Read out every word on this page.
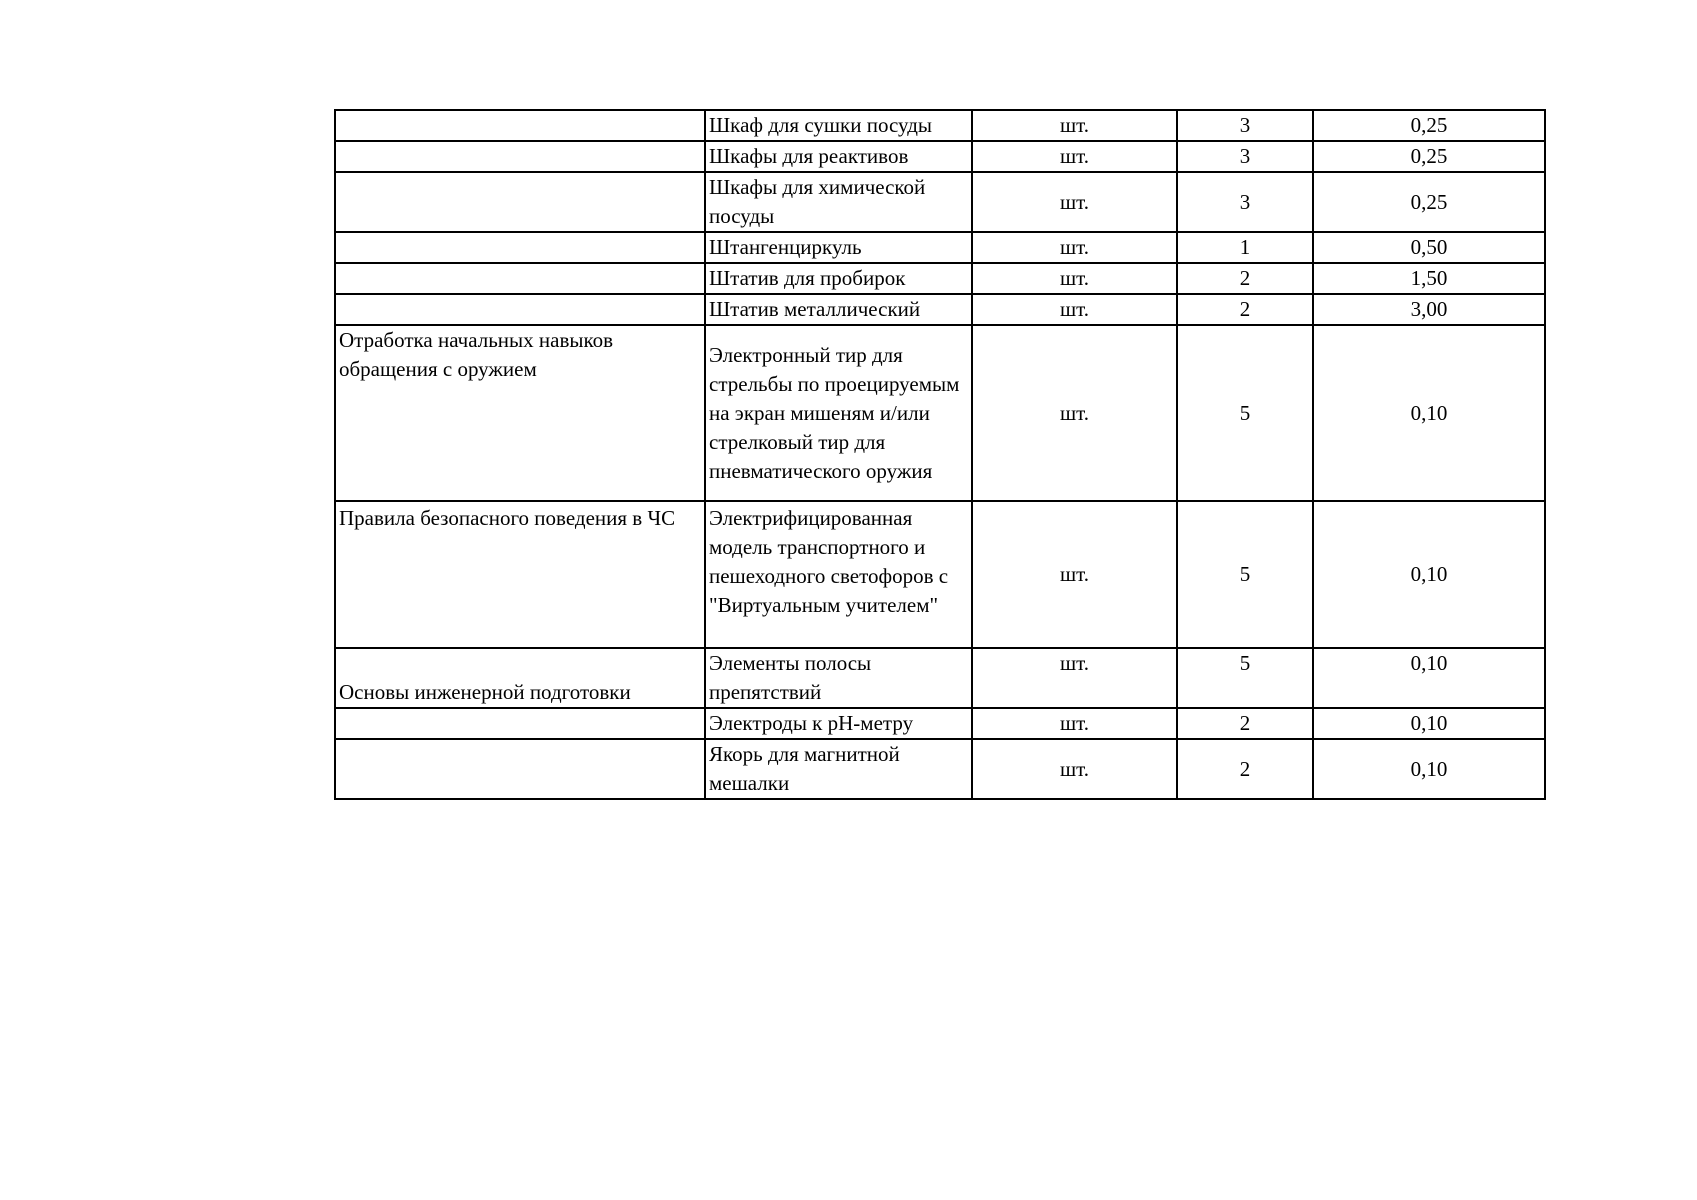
	Шкаф для сушки посуды	шт.	3	0,25
	Шкафы для реактивов	шт.	3	0,25
	Шкафы для химической посуды	шт.	3	0,25
	Штангенциркуль	шт.	1	0,50
	Штатив для пробирок	шт.	2	1,50
	Штатив металлический	шт.	2	3,00
Отработка начальных навыков обращения с оружием	Электронный тир для стрельбы по проецируемым на экран мишеням и/или стрелковый тир для пневматического оружия	шт.	5	0,10
Правила безопасного поведения в ЧС	Электрифицированная модель транспортного и пешеходного светофоров с "Виртуальным учителем"	шт.	5	0,10
Основы инженерной подготовки	Элементы полосы препятствий	шт.	5	0,10
	Электроды к pH-метру	шт.	2	0,10
	Якорь для магнитной мешалки	шт.	2	0,10
